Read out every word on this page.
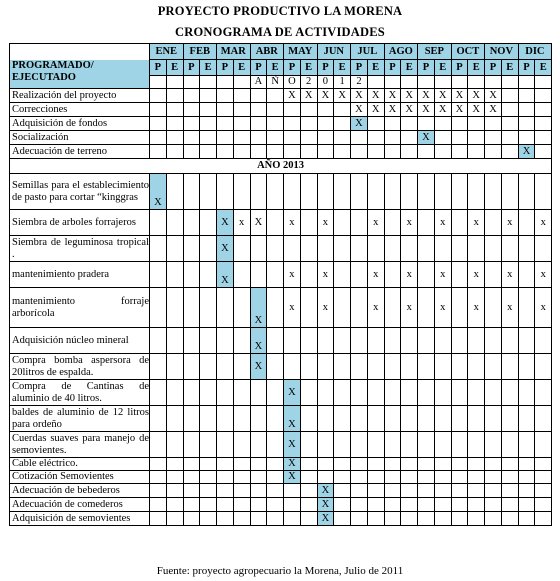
PROYECTO PRODUCTIVO LA MORENA
CRONOGRAMA DE ACTIVIDADES
	ENE		FEB		MAR		ABR		MAY		JUN		JUL		AGO		SEP		OCT		NOV		DIC	
PROGRAMADO/
EJECUTADO	P	E	P	E	P	E	P	E	P	E	P	E	P	E	P	E	P	E	P	E	P	E	P	E
							A	Ñ	O	2	0	1	2											
Realización del proyecto									X	X	X	X	X	X	X	X	X	X	X	X	X			
Correcciones													X	X	X	X	X	X	X	X	X			
Adquisición de fondos													X											
Socialización																	X							
Adecuación de terreno																							X	
AÑO 2013																								
Semillas para el establecimiento de pasto para cortar “kinggras	X																							
Siembra de arboles forrajeros					X	x	X		x		x			x		x		x		x		x		x
Siembra de leguminosa tropical .					X																			
mantenimiento pradera					X				x		x			x		x		x		x		x		x
mantenimiento forraje arborícola							X		x		x			x		x		x		x		x		x
Adquisición núcleo mineral							X																	
Compra bomba aspersora de 20litros de espalda.							X																	
Compra de Cantinas de aluminio de 40 litros.									X															
baldes de aluminio de 12 litros para ordeño									X															
Cuerdas suaves para manejo de semovientes.									X															
Cable eléctrico.									X															
Cotización Semovientes									X															
Adecuación de bebederos											X													
Adecuación de comederos											X													
Adquisición de semovientes											X													
Fuente: proyecto agropecuario la Morena, Julio de 2011
